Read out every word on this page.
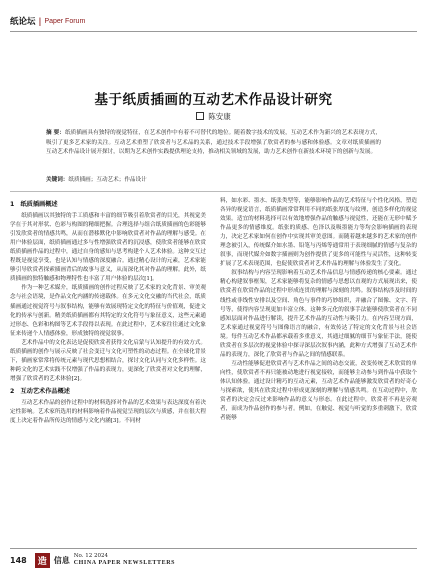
纸论坛 | Paper Forum
基于纸质插画的互动艺术作品设计研究
陈安康
摘 要：纸质插画具有独特的视觉特征，在艺术创作中有着不可替代的地位。随着数字技术的发展，互动艺术作为新兴的艺术表现方式，吸引了更多艺术家的关注。互动艺术重塑了欣赏者与艺术品的关系，通过技术手段增强了欣赏者的参与感和体验感。文章对纸质插画的互动艺术作品设计展开探讨，以期为艺术创作实践提供理论支持，推动相关领域的发展，助力艺术创作在新技术环境下的创新与发展。
关键词：纸质插画；互动艺术；作品设计
1　纸质插画概述

纸质插画以其独特的手工质感和丰富的细节吸引着欣赏者的目光，其视觉美学在于其对形状、色彩与构图的精细把握。合理选择与组合纸质插画的色彩能够引发欣赏者的情感共鸣，从而在潜移默化中影响欣赏者对作品的理解与感受。在用户体验层面，纸质插画通过多与性增强欣赏者的沉浸感，使欣赏者能够在欣赏纸质插画作品的过程中，通过自身的感知与思考构建个人艺术体验。这种交互过程既是视觉享受，也是认知与情感的深度融合。通过精心设计的元素，艺术家能够引导欣赏者探索插画背后的故事与意义，从而深化其对作品的理解。此外，纸质插画的独特触感和物理特性也丰富了用户体验的层次[1]。

作为一种艺术媒介，纸质插画的创作过程反映了艺术家的文化背景、审美观念与社会语境，是作品文化内涵的传递载体。在多元文化交融的当代社会，纸质插画通过视觉符号与叙事结构，能够有效展现特定文化的特征与价值观，促进文化的传承与创新。精美纸质插画都有其特定的文化符号与象征意义，这些元素通过形态、色彩和构图等艺术手段得以表现。在此过程中，艺术家往往通过文化象征来传递个人情感体验，形成独特的视觉叙事。

艺术作品中的文化表达是促使欣赏者获得文化启蒙与认知提升的有效方式。纸质插画的创作与展示反映了社会变迁与文化可塑性的动态过程。在全球化背景下，插画家常常将传统元素与现代思想相结合，探讨文化认同与文化多样性。这种跨文化的艺术实践不仅增强了作品的表现力，更深化了欣赏者对文化的理解，增强了欣赏者的艺术体验[2]。

2　互动艺术作品概述

互动艺术作品的创作过程中的材料选择对作品的艺术效果与表达深度有着决定性影响。艺术家所选用的材料影响着作品视觉呈现的层次与质感，并在很大程度上决定着作品所传达的情感与文化内涵[3]。不同材

料，如水彩、墨水、纸张类型等，能够影响作品的艺术特征与个性化风格，塑造各异的视觉语言，纸质插画常常利用不同的纸张厚度与纹理，创造多样化的视觉效果。适宜的材料选择可以有效地增强作品的触感与视觉性，还能在无形中赋予作品更多的情感维度。纸张的质感、色泽以及吸墨能力等均会影响插画的表现力，决定艺术家如何在创作中实现其审美意图。而随着越来越多的艺术家的创作理念被引入，传统媒介如水墨、铅笔与丙烯等通常用于表现细腻的情感与复杂的叙事，而现代媒介如数字插画则为创作提供了更多的可能性与灵活性，这种转变扩展了艺术表现范围，也促使欣赏者对艺术作品的理解与体验发生了变化。

叙事结构与内容呈现影响着互动艺术作品信息与情感传递的核心要素。通过精心构建叙事框架，艺术家能够将复杂的情感与思想以直观的方式展现出来，使欣赏者在欣赏作品的过程中形成连贯的理解与深刻的共鸣。叙事结构涉及时间的线性或非线性安排以及空间、角色与事件的巧妙组织，并融合了图像、文字、符号等，使得内容呈现更加丰富立体。这种多元化的叙事手法能够使欣赏者在不同感知层面对作品进行解读，提升艺术作品的互动性与吸引力。在内容呈现方面，艺术家通过视觉符号与图像语言的融合，有效传达了特定的文化背景与社会语境。每件互动艺术作品都承载着多重意义，其通过细腻的细节与象征手法，能使欣赏者在多层次的视觉体验中探寻深层次叙事内涵，此种方式增强了互动艺术作品的表现力，深化了欣赏者与作品之间的情感联系。

互动性能够促进欣赏者与艺术作品之间的动态交流，改变传统艺术欣赏的单向性，使欣赏者不再只能被动地进行视觉接收，而能够主动参与到作品中获取个体认知体验。通过设计精巧的互动元素，互动艺术作品能够激发欣赏者的好奇心与探索欲，使其在欣赏过程中形成更深刻的理解与情感共鸣。在互动过程中，欣赏者的决定会反过来影响作品的意义与形态。在此过程中，欣赏者不再是旁观者，而成为作品创作的参与者。例如，在触觉、视觉与听觉的多重刺激下，欣赏者能够

148	造 信息 No. 12 2024
CHINA PAPER NEWSLETTERS
